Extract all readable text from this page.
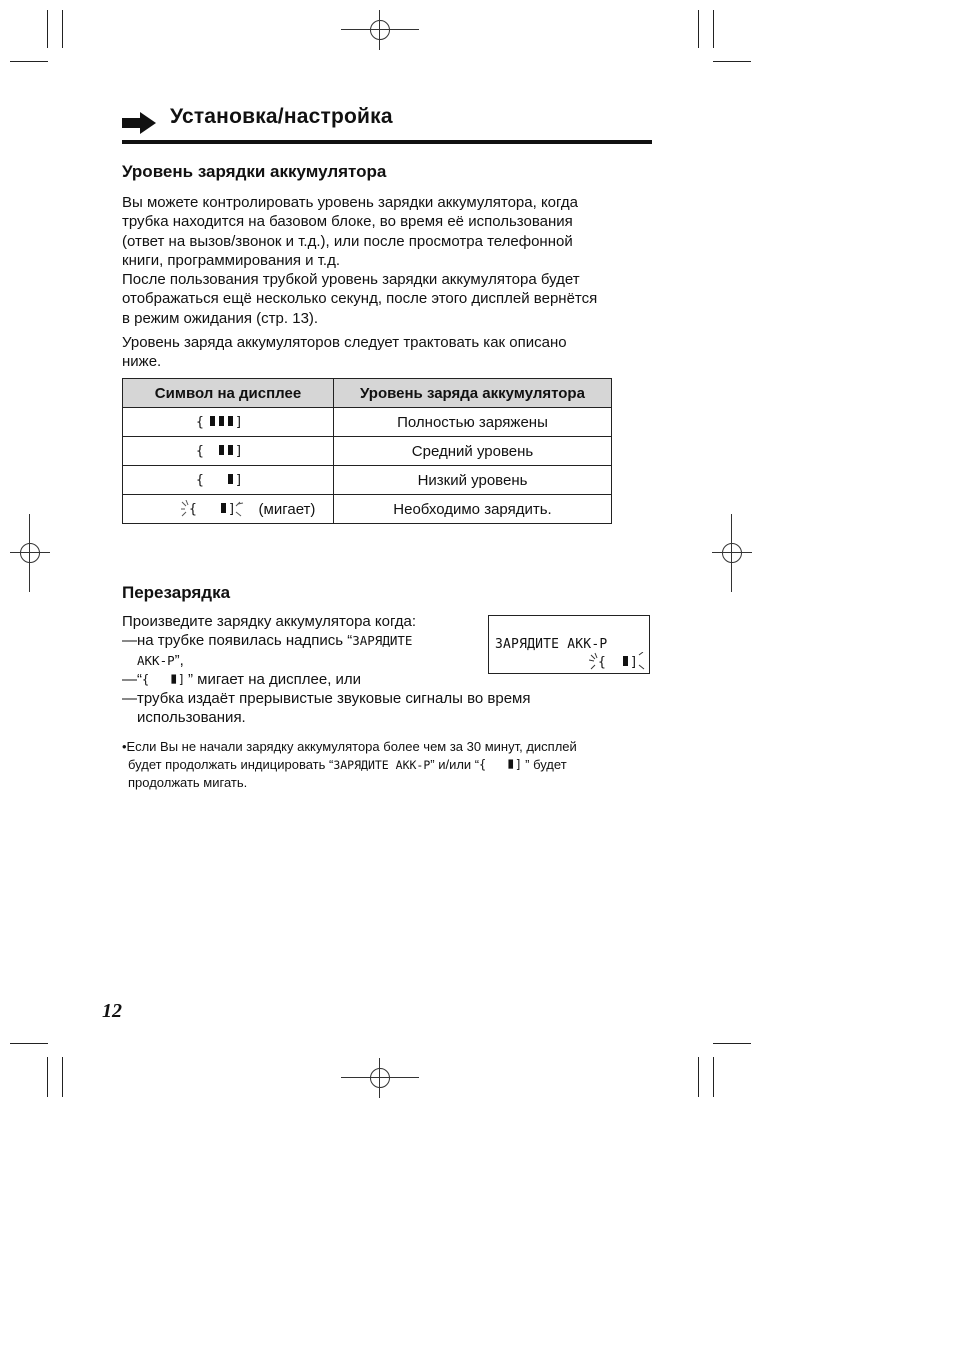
Установка/настройка
Уровень зарядки аккумулятора
Вы можете контролировать уровень зарядки аккумулятора, когда
трубка находится на базовом блоке, во время её использования
(ответ на вызов/звонок и т.д.), или после просмотра телефонной
книги, программирования и т.д.
После пользования трубкой уровень зарядки аккумулятора будет
отображаться ещё несколько секунд, после этого дисплей вернётся
в режим ожидания (стр. 13).
Уровень заряда аккумуляторов следует трактовать как описано
ниже.
Символ на дисплее	Уровень заряда аккумулятора

{ ]	Полностью заряжены

{ ]	Средний уровень

{ ]	Низкий уровень

{ ] (мигает)	Необходимо зарядить.
Перезарядка
Произведите зарядку аккумулятора когда:
—на трубке появилась надпись “ЗАРЯДИТЕ
АКК-Р”,
—“ { ] ” мигает на дисплее, или
—трубка издаёт прерывистые звуковые сигналы во время
использования.
ЗАРЯДИТЕ АКК-Р
{ ]
•Если Вы не начали зарядку аккумулятора более чем за 30 минут, дисплей
будет продолжать индицировать “ЗАРЯДИТЕ АКК-Р” и/или “ { ] ” будет
продолжать мигать.
12
